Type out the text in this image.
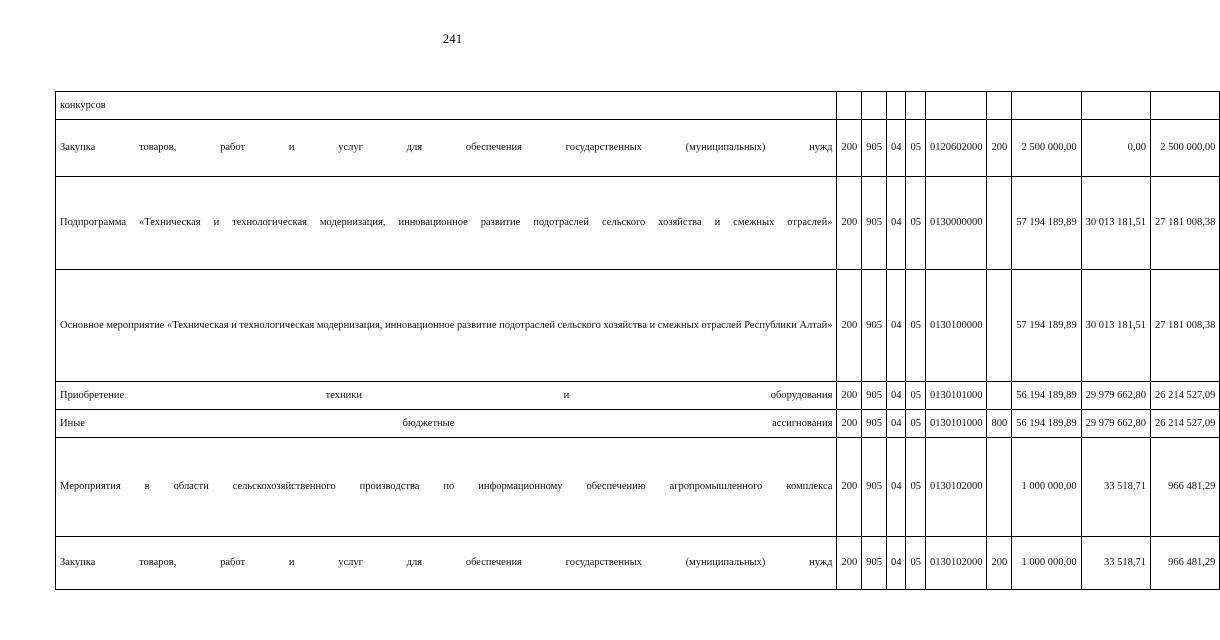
241
конкурсов									
Закупка товаров, работ и услуг для обеспечения государственных (муниципальных) нужд	200	905	04	05	0120602000	200	2 500 000,00	0,00	2 500 000,00
Подпрограмма «Техническая и технологическая модернизация, инновационное развитие подотраслей сельского хозяйства и смежных отраслей»	200	905	04	05	0130000000		57 194 189,89	30 013 181,51	27 181 008,38
Основное мероприятие «Техническая и технологическая модернизация, инновационное развитие подотраслей сельского хозяйства и смежных отраслей Республики Алтай»	200	905	04	05	0130100000		57 194 189,89	30 013 181,51	27 181 008,38
Приобретение техники и оборудования	200	905	04	05	0130101000		56 194 189,89	29 979 662,80	26 214 527,09
Иные бюджетные ассигнования	200	905	04	05	0130101000	800	56 194 189,89	29 979 662,80	26 214 527,09
Мероприятия в области сельскохозяйственного производства по информационному обеспечению агропромышленного комплекса	200	905	04	05	0130102000		1 000 000,00	33 518,71	966 481,29
Закупка товаров, работ и услуг для обеспечения государственных (муниципальных) нужд	200	905	04	05	0130102000	200	1 000 000,00	33 518,71	966 481,29
